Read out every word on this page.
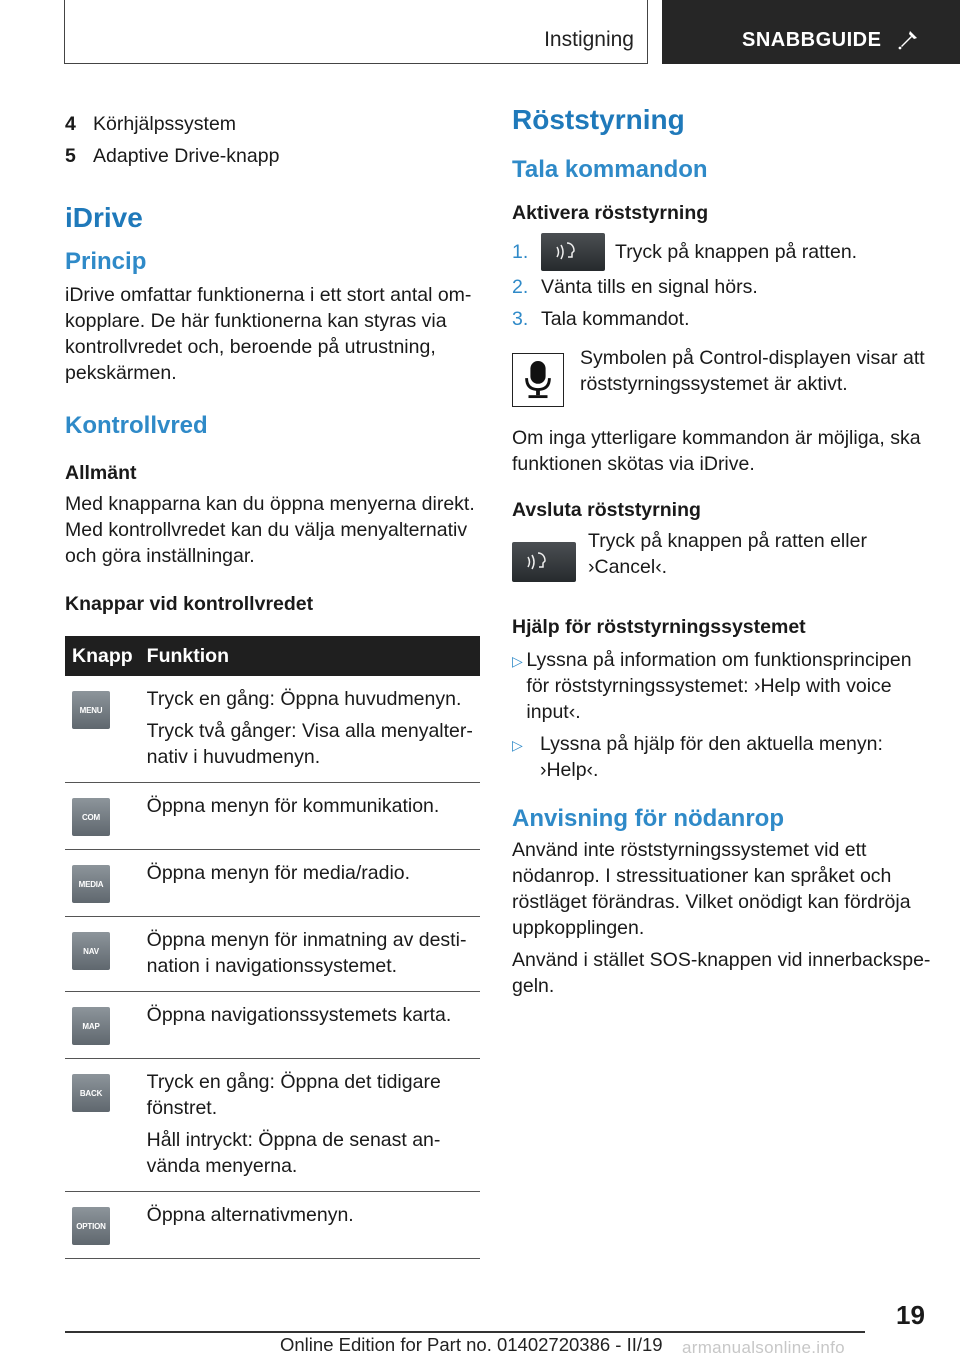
Instigning	SNABBGUIDE
4 Körhjälpssystem
5 Adaptive Drive-knapp
iDrive
Princip

iDrive omfattar funktionerna i ett stort antal omkopplare. De här funktionerna kan styras via kontrollvredet och, beroende på utrustning, pekskärmen.

Kontrollvred
Allmänt

Med knapparna kan du öppna menyerna direkt. Med kontrollvredet kan du välja menyalternativ och göra inställningar.

Knappar vid kontrollvredet
Knapp	Funktion

MENU	Tryck en gång: Öppna huvudmenyn.

Tryck två gånger: Visa alla menyalternativ i huvudmenyn.

COM	Öppna menyn för kommunikation.

MEDIA	Öppna menyn för media/radio.

NAV	Öppna menyn för inmatning av destination i navigationssystemet.

MAP	Öppna navigationssystemets karta.

BACK	Tryck en gång: Öppna det tidigare fönstret.

Håll intryckt: Öppna de senast använda menyerna.

OPTION	Öppna alternativmenyn.

Röststyrning
Tala kommandon
Aktivera röststyrning
1.	Tryck på knappen på ratten.
2. Vänta tills en signal hörs.
3. Tala kommandot.

Symbolen på Control-displayen visar att röststyrningssystemet är aktivt.

Om inga ytterligare kommandon är möjliga, ska funktionen skötas via iDrive.

Avsluta röststyrning

Tryck på knappen på ratten eller ›Cancel‹.

Hjälp för röststyrningssystemet
▷ Lyssna på information om funktionsprincipen för röststyrningssystemet: ›Help with voice input‹.
▷ Lyssna på hjälp för den aktuella menyn: ›Help‹.
Anvisning för nödanrop

Använd inte röststyrningssystemet vid ett nödanrop. I stressituationer kan språket och röstläget förändras. Vilket onödigt kan fördröja uppkopplingen.

Använd i stället SOS-knappen vid innerbackspegeln.

19
Online Edition for Part no. 01402720386 - II/19 armanualsonline.info
